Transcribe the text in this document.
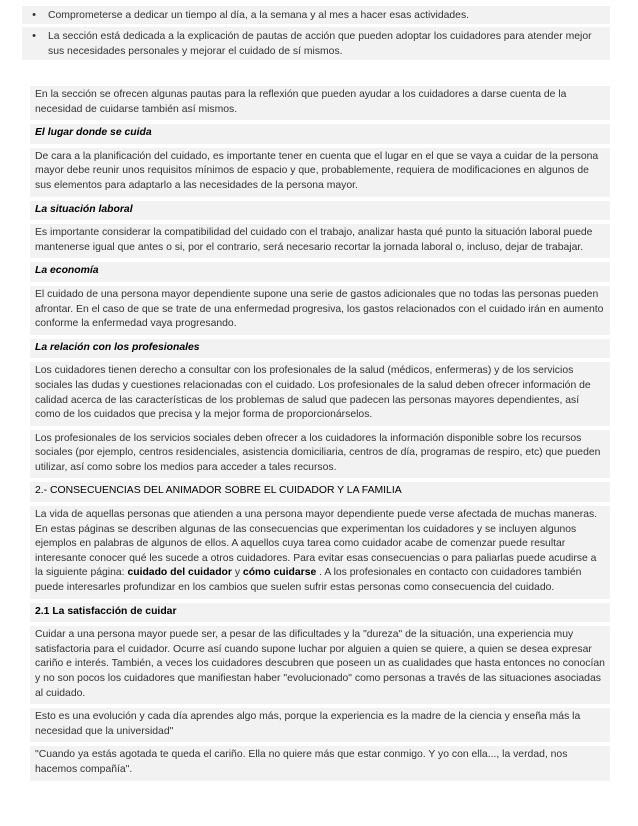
•	Comprometerse a dedicar un tiempo al día, a la semana y al mes a hacer esas actividades.
•	La sección está dedicada a la explicación de pautas de acción que pueden adoptar los cuidadores para atender mejor sus necesidades personales y mejorar el cuidado de sí mismos.
En la sección se ofrecen algunas pautas para la reflexión que pueden ayudar a los cuidadores a darse cuenta de la necesidad de cuidarse también así mismos.
El lugar donde se cuida
De cara a la planificación del cuidado, es importante tener en cuenta que el lugar en el que se vaya a cuidar de la persona mayor debe reunir unos requisitos mínimos de espacio y que, probablemente, requiera de modificaciones en algunos de sus elementos para adaptarlo a las necesidades de la persona mayor.
La situación laboral
Es importante considerar la compatibilidad del cuidado con el trabajo, analizar hasta qué punto la situación laboral puede mantenerse igual que antes o si, por el contrario, será necesario recortar la jornada laboral o, incluso, dejar de trabajar.
La economía
El cuidado de una persona mayor dependiente supone una serie de gastos adicionales que no todas las personas pueden afrontar. En el caso de que se trate de una enfermedad progresiva, los gastos relacionados con el cuidado irán en aumento conforme la enfermedad vaya progresando.
La relación con los profesionales
Los cuidadores tienen derecho a consultar con los profesionales de la salud (médicos, enfermeras) y de los servicios sociales las dudas y cuestiones relacionadas con el cuidado. Los profesionales de la salud deben ofrecer información de calidad acerca de las características de los problemas de salud que padecen las personas mayores dependientes, así como de los cuidados que precisa y la mejor forma de proporcionárselos.
Los profesionales de los servicios sociales deben ofrecer a los cuidadores la información disponible sobre los recursos sociales (por ejemplo, centros residenciales, asistencia domiciliaria, centros de día, programas de respiro, etc) que pueden utilizar, así como sobre los medios para acceder a tales recursos.
2.- CONSECUENCIAS DEL ANIMADOR SOBRE EL CUIDADOR Y LA FAMILIA
La vida de aquellas personas que atienden a una persona mayor dependiente puede verse afectada de muchas maneras. En estas páginas se describen algunas de las consecuencias que experimentan los cuidadores y se incluyen algunos ejemplos en palabras de algunos de ellos. A aquellos cuya tarea como cuidador acabe de comenzar puede resultar interesante conocer qué les sucede a otros cuidadores. Para evitar esas consecuencias o para paliarlas puede acudirse a la siguiente página: cuidado del cuidador y cómo cuidarse . A los profesionales en contacto con cuidadores también puede interesarles profundizar en los cambios que suelen sufrir estas personas como consecuencia del cuidado.
2.1 La satisfacción de cuidar
Cuidar a una persona mayor puede ser, a pesar de las dificultades y la "dureza" de la situación, una experiencia muy satisfactoria para el cuidador. Ocurre así cuando supone luchar por alguien a quien se quiere, a quien se desea expresar cariño e interés. También, a veces los cuidadores descubren que poseen un as cualidades que hasta entonces no conocían y no son pocos los cuidadores que manifiestan haber "evolucionado" como personas a través de las situaciones asociadas al cuidado.
Esto es una evolución y cada día aprendes algo más, porque la experiencia es la madre de la ciencia y enseña más la necesidad que la universidad"
"Cuando ya estás agotada te queda el cariño. Ella no quiere más que estar conmigo. Y yo con ella..., la verdad, nos hacemos compañía".
